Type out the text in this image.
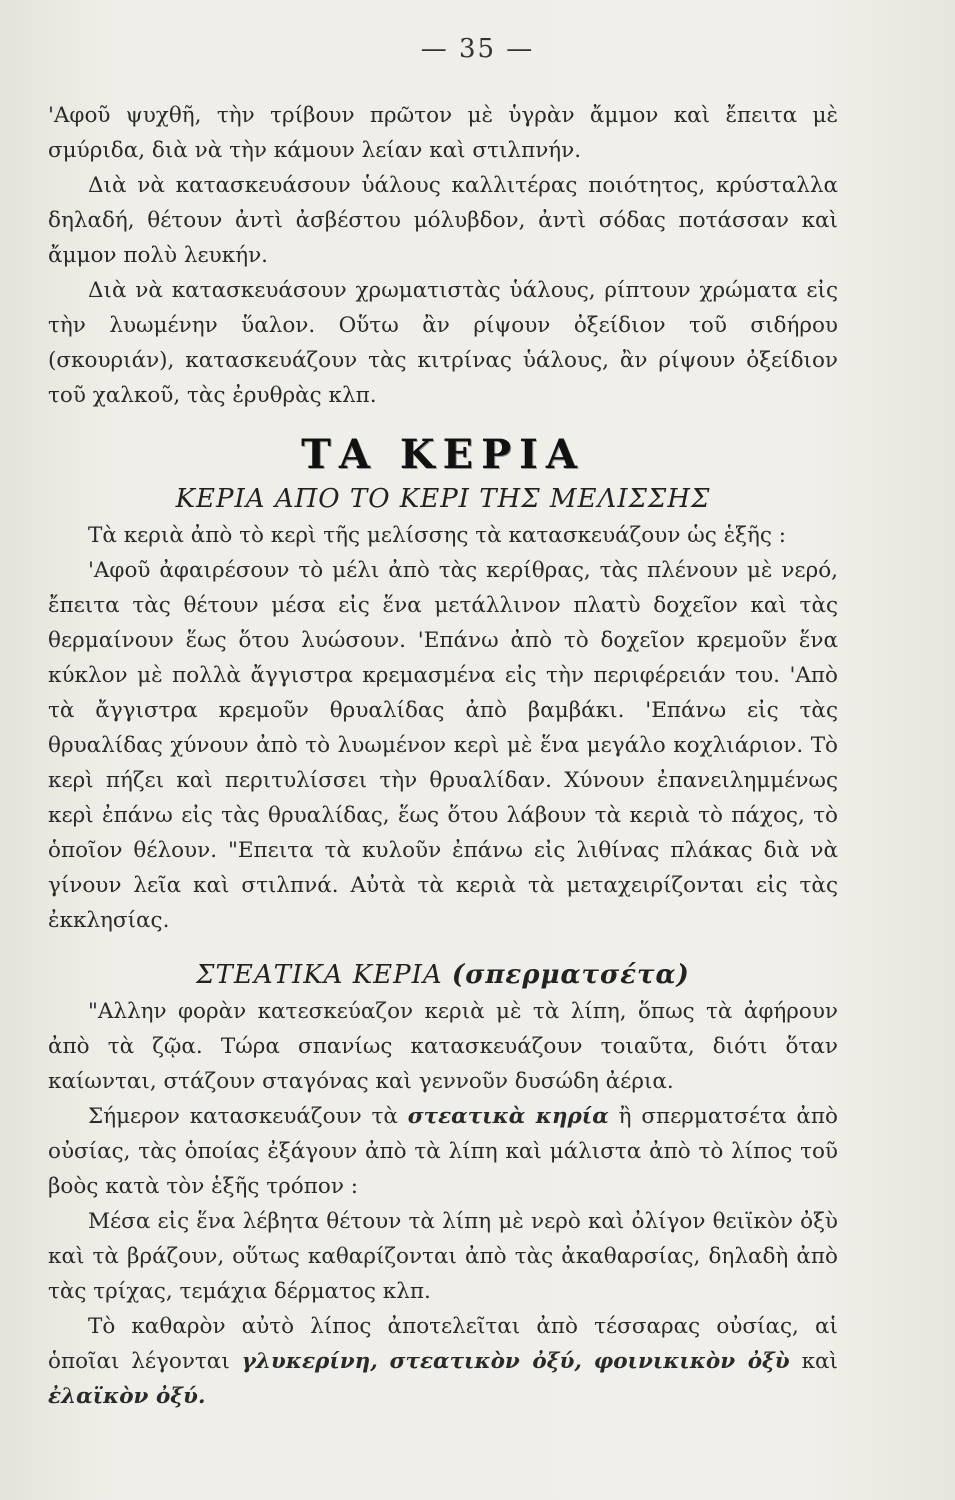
— 35 —

'Αφοῦ ψυχθῆ, τὴν τρίβουν πρῶτον μὲ ὑγρὰν ἄμμον καὶ ἔπειτα μὲ σμύριδα, διὰ νὰ τὴν κάμουν λείαν καὶ στιλπνήν.

Διὰ νὰ κατασκευάσουν ὑάλους καλλιτέρας ποιότητος, κρύσταλλα δηλαδή, θέτουν ἀντὶ ἀσβέστου μόλυβδον, ἀντὶ σόδας ποτάσσαν καὶ ἄμμον πολὺ λευκήν.

Διὰ νὰ κατασκευάσουν χρωματιστὰς ὑάλους, ρίπτουν χρώματα εἰς τὴν λυωμένην ὕαλον. Οὕτω ἂν ρίψουν ὀξείδιον τοῦ σιδήρου (σκουριάν), κατασκευάζουν τὰς κιτρίνας ὑάλους, ἂν ρίψουν ὀξείδιον τοῦ χαλκοῦ, τὰς ἐρυθρὰς κλπ.

ΤΑ ΚΕΡΙΑ
ΚΕΡΙΑ ΑΠΟ ΤΟ ΚΕΡΙ ΤΗΣ ΜΕΛΙΣΣΗΣ

Τὰ κεριὰ ἀπὸ τὸ κερὶ τῆς μελίσσης τὰ κατασκευάζουν ὡς ἑξῆς :

'Αφοῦ ἀφαιρέσουν τὸ μέλι ἀπὸ τὰς κερίθρας, τὰς πλένουν μὲ νερό, ἔπειτα τὰς θέτουν μέσα εἰς ἕνα μετάλλινον πλατὺ δοχεῖον καὶ τὰς θερμαίνουν ἕως ὅτου λυώσουν. 'Επάνω ἀπὸ τὸ δοχεῖον κρεμοῦν ἕνα κύκλον μὲ πολλὰ ἄγγιστρα κρεμασμένα εἰς τὴν περιφέρειάν του. 'Απὸ τὰ ἄγγιστρα κρεμοῦν θρυαλίδας ἀπὸ βαμβάκι. 'Επάνω εἰς τὰς θρυαλίδας χύνουν ἀπὸ τὸ λυωμένον κερὶ μὲ ἕνα μεγάλο κοχλιάριον. Τὸ κερὶ πήζει καὶ περιτυλίσσει τὴν θρυαλίδαν. Χύνουν ἐπανειλημμένως κερὶ ἐπάνω εἰς τὰς θρυαλίδας, ἕως ὅτου λάβουν τὰ κεριὰ τὸ πάχος, τὸ ὁποῖον θέλουν. "Επειτα τὰ κυλοῦν ἐπάνω εἰς λιθίνας πλάκας διὰ νὰ γίνουν λεῖα καὶ στιλπνά. Αὐτὰ τὰ κεριὰ τὰ μεταχειρίζονται εἰς τὰς ἐκκλησίας.

ΣΤΕΑΤΙΚΑ ΚΕΡΙΑ (σπερματσέτα)

"Αλλην φορὰν κατεσκεύαζον κεριὰ μὲ τὰ λίπη, ὅπως τὰ ἀφήρουν ἀπὸ τὰ ζῷα. Τώρα σπανίως κατασκευάζουν τοιαῦτα, διότι ὅταν καίωνται, στάζουν σταγόνας καὶ γεννοῦν δυσώδη ἀέρια.

Σήμερον κατασκευάζουν τὰ στεατικὰ κηρία ἢ σπερματσέτα ἀπὸ οὐσίας, τὰς ὁποίας ἐξάγουν ἀπὸ τὰ λίπη καὶ μάλιστα ἀπὸ τὸ λίπος τοῦ βοὸς κατὰ τὸν ἑξῆς τρόπον :

Μέσα εἰς ἕνα λέβητα θέτουν τὰ λίπη μὲ νερὸ καὶ ὀλίγον θειϊκὸν ὀξὺ καὶ τὰ βράζουν, οὕτως καθαρίζονται ἀπὸ τὰς ἀκαθαρσίας, δηλαδὴ ἀπὸ τὰς τρίχας, τεμάχια δέρματος κλπ.

Τὸ καθαρὸν αὐτὸ λίπος ἀποτελεῖται ἀπὸ τέσσαρας οὐσίας, αἱ ὁποῖαι λέγονται γλυκερίνη, στεατικὸν ὀξύ, φοινικικὸν ὀξὺ καὶ ἐλαϊκὸν ὀξύ.
